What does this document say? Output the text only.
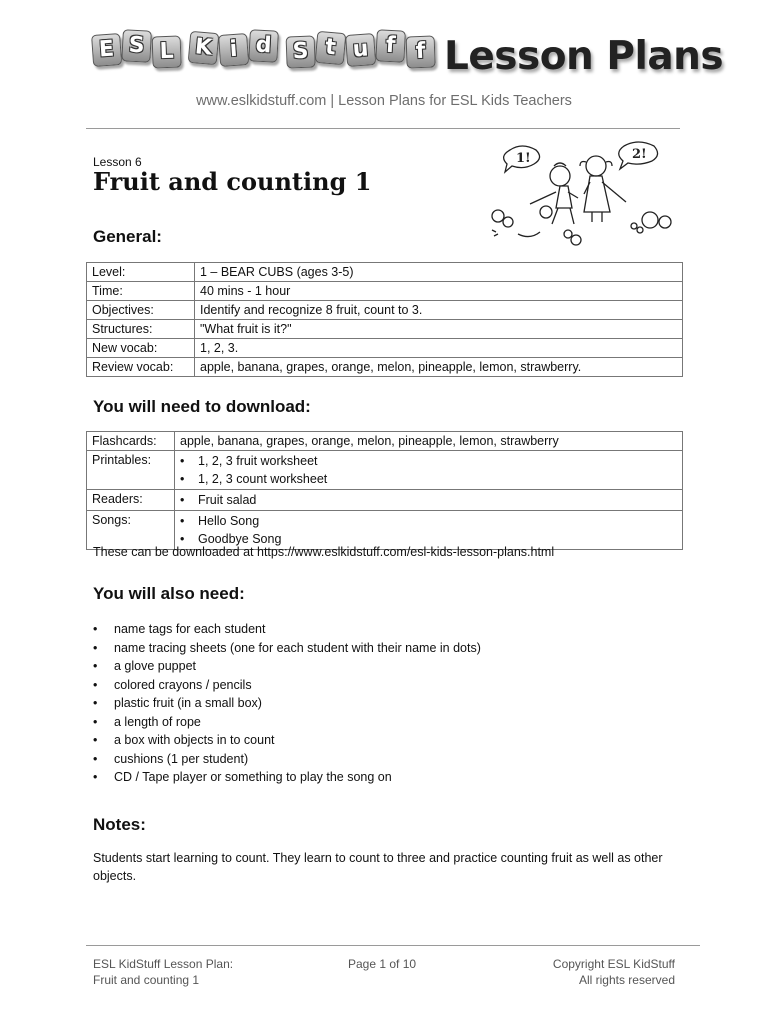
E S L K i d S t u f f Lesson Plans
www.eslkidstuff.com | Lesson Plans for ESL Kids Teachers
Lesson 6
Fruit and counting 1
1!	2!
General:
Level:	1 – BEAR CUBS (ages 3-5)
Time:	40 mins - 1 hour
Objectives:	Identify and recognize 8 fruit, count to 3.
Structures:	"What fruit is it?"
New vocab:	1, 2, 3.
Review vocab:	apple, banana, grapes, orange, melon, pineapple, lemon, strawberry.
You will need to download:
Flashcards:	apple, banana, grapes, orange, melon, pineapple, lemon, strawberry
Printables:	• 1, 2, 3 fruit worksheet
• 1, 2, 3 count worksheet

Readers:	• Fruit salad

Songs:	• Hello Song
• Goodbye Song
These can be downloaded at https://www.eslkidstuff.com/esl-kids-lesson-plans.html
You will also need:
• name tags for each student
• name tracing sheets (one for each student with their name in dots)
• a glove puppet
• colored crayons / pencils
• plastic fruit (in a small box)
• a length of rope
• a box with objects in to count
• cushions (1 per student)
• CD / Tape player or something to play the song on
Notes:
Students start learning to count. They learn to count to three and practice counting fruit as well as other objects.
ESL KidStuff Lesson Plan:
Fruit and counting 1
Page 1 of 10	Copyright ESL KidStuff
All rights reserved
